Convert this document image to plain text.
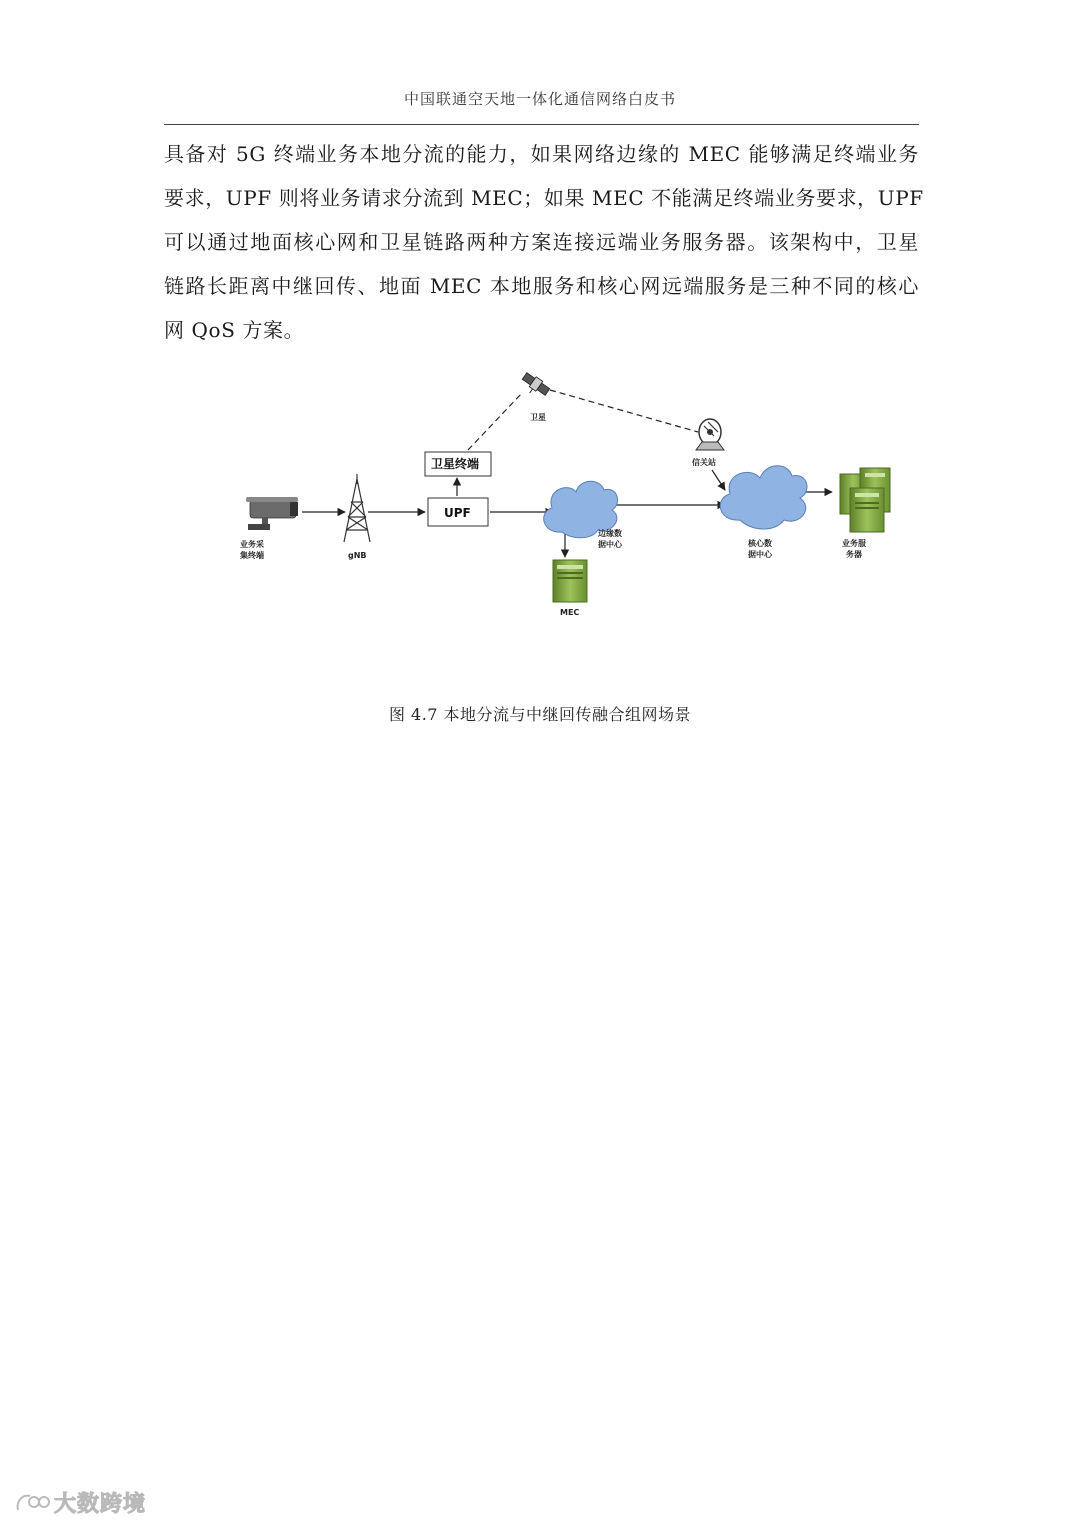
中国联通空天地一体化通信网络白皮书
具备对 5G 终端业务本地分流的能力，如果网络边缘的 MEC 能够满足终端业务
要求，UPF 则将业务请求分流到 MEC；如果 MEC 不能满足终端业务要求，UPF
可以通过地面核心网和卫星链路两种方案连接远端业务服务器。该架构中，卫星
链路长距离中继回传、地面 MEC 本地服务和核心网远端服务是三种不同的核心
网 QoS 方案。
卫星
卫星终端
业务采
集终端	gNB
UPF
边缘数
据中心
MEC
信关站
核心数
据中心
业务服
务器
图 4.7 本地分流与中继回传融合组网场景
大数跨境
